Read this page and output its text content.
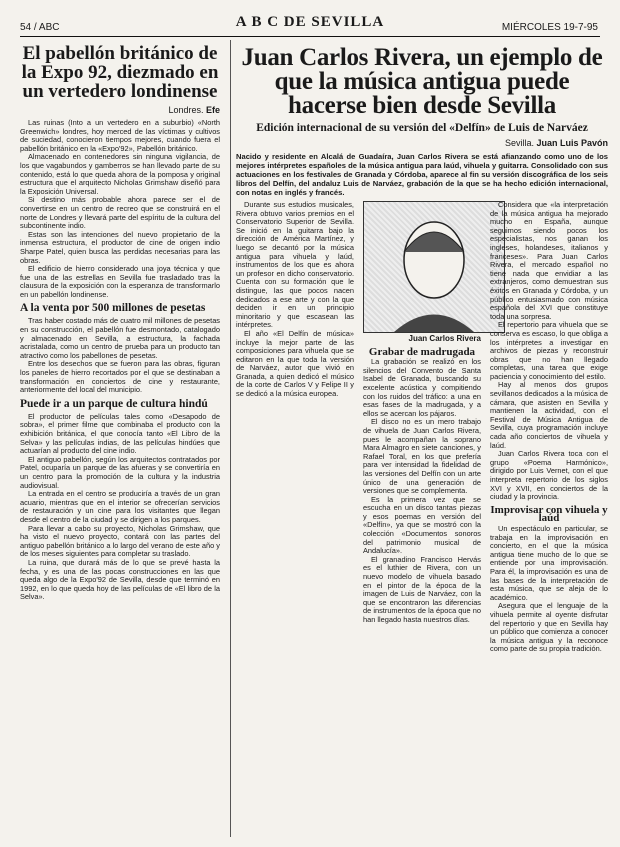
54 / ABC	A B C DE SEVILLA	MIÉRCOLES 19-7-95
El pabellón británico de la Expo 92, diezmado en un vertedero londinense
Londres. Efe

Las ruinas (Into a un vertedero en a suburbio) «North Greenwich» londres, hoy merced de las víctimas y cultivos de suciedad, conocieron tiempos mejores, cuando fuera el pabellón británico en la «Expo'92», Pabellón británico.

Almacenado en contenedores sin ninguna vigilancia, de los que vagabundos y gamberros se han llevado parte de su contenido, está lo que queda ahora de la pomposa y original estructura que el arquitecto Nicholas Grimshaw diseñó para la Exposición Universal.

Si destino más probable ahora parece ser el de convertirse en un centro de recreo que se construirá en el norte de Londres y llevará parte del espíritu de la cultura del subcontinente indio.

Estas son las intenciones del nuevo propietario de la inmensa estructura, el productor de cine de origen indio Sharpe Patel, quien busca las perdidas necesarias para las obras.

El edificio de hierro considerado una joya técnica y que fue una de las estrellas en Sevilla fue trasladado tras la clausura de la exposición con la esperanza de transformarlo en un pabellón londinense.

A la venta por 500 millones de pesetas

Tras haber costado más de cuatro mil millones de pesetas en su construcción, el pabellón fue desmontado, catalogado y almacenado en Sevilla, a estructura, la fachada acristalada, como un centro de prueba para un producto tan atractivo como los pabellones de pesetas.

Entre los desechos que se fueron para las obras, figuran los paneles de hierro recortados por el que se destinaban a transformación en conciertos de cine y restaurante, anteriormente del local del municipio.

Puede ir a un parque de cultura hindú

El productor de películas tales como «Desapodo de sobra», el primer filme que combinaba el producto con la exhibición británica, el que conocía tanto «El Libro de la Selva» y las películas indias, de las películas hindúes que actuarían al producto del cine indio.

El antiguo pabellón, según los arquitectos contratados por Patel, ocuparía un parque de las afueras y se convertiría en un centro para la promoción de la cultura y la industria audiovisual.

La entrada en el centro se produciría a través de un gran acuario, mientras que en el interior se ofrecerían servicios de restauración y un cine para los visitantes que llegan desde el centro de la ciudad y se dirigen a los parques.

Para llevar a cabo su proyecto, Nicholas Grimshaw, que ha visto el nuevo proyecto, contará con las partes del antiguo pabellón británico a lo largo del verano de este año y de los meses siguientes para completar su traslado.

La ruina, que durará más de lo que se prevé hasta la fecha, y es una de las pocas construcciones en las que queda algo de la Expo'92 de Sevilla, desde que terminó en 1992, en lo que queda hoy de las películas de «El libro de la Selva».

Juan Carlos Rivera, un ejemplo de que la música antigua puede hacerse bien desde Sevilla
Edición internacional de su versión del «Delfín» de Luis de Narváez
Sevilla. Juan Luis Pavón
Nacido y residente en Alcalá de Guadaíra, Juan Carlos Rivera se está afianzando como uno de los mejores intérpretes españoles de la música antigua para laúd, vihuela y guitarra. Consolidado con sus actuaciones en los festivales de Granada y Córdoba, aparece al fin su versión discográfica de los seis libros del Delfín, del andaluz Luis de Narváez, grabación de la que se ha hecho edición internacional, con notas en inglés y francés.

Durante sus estudios musicales, Rivera obtuvo varios premios en el Conservatorio Superior de Sevilla. Se inició en la guitarra bajo la dirección de América Martínez, y luego se decantó por la música antigua para vihuela y laúd, instrumentos de los que es ahora un profesor en dicho conservatorio. Cuenta con su formación que le distingue, las que pocos nacen dedicados a ese arte y con la que deciden ir en un principio minoritario y que escasean las intérpretes.

El año «El Delfín de música» incluye la mejor parte de las composiciones para vihuela que se editaron en la que toda la versión de Narváez, autor que vivió en Granada, a quien dedicó el músico de la corte de Carlos V y Felipe II y se dedicó a la música europea.

Juan Carlos Rivera
Grabar de madrugada

La grabación se realizó en los silencios del Convento de Santa Isabel de Granada, buscando su excelente acústica y compitiendo con los ruidos del tráfico: a una en esas fases de la madrugada, y a ellos se acercan los pájaros.

El disco no es un mero trabajo de vihuela de Juan Carlos Rivera, pues le acompañan la soprano Mara Almagro en siete canciones, y Rafael Toral, en los que prefería para ver intensidad la fidelidad de las versiones del Delfín con un arte único de una generación de versiones que se complementa.

Es la primera vez que se escucha en un disco tantas piezas y esos poemas en versión del «Delfín», ya que se mostró con la colección «Documentos sonoros del patrimonio musical de Andalucía».

El granadino Francisco Hervás es el luthier de Rivera, con un nuevo modelo de vihuela basado en el pintor de la época de la imagen de Luis de Narváez, con la que se encontraron las diferencias de instrumentos de la época que no han llegado hasta nuestros días.

Considera que «la interpretación de la música antigua ha mejorado mucho en España, aunque seguimos siendo pocos los especialistas, nos ganan los ingleses, holandeses, italianos y franceses». Para Juan Carlos Rivera, el mercado español no tiene nada que envidiar a las extranjeros, como demuestran sus éxitos en Granada y Córdoba, y un público entusiasmado con música española del XVI que constituye toda una sorpresa.

El repertorio para vihuela que se conserva es escaso, lo que obliga a los intérpretes a investigar en archivos de piezas y reconstruir obras que no han llegado completas, una tarea que exige paciencia y conocimiento del estilo.

Hay al menos dos grupos sevillanos dedicados a la música de cámara, que asisten en Sevilla y mantienen la actividad, con el Festival de Música Antigua de Sevilla, cuya programación incluye cada año conciertos de vihuela y laúd.

Juan Carlos Rivera toca con el grupo «Poema Harmónico», dirigido por Luis Vernet, con el que interpreta repertorio de los siglos XVI y XVII, en conciertos de la ciudad y la provincia.

Improvisar con vihuela y laúd

Un espectáculo en particular, se trabaja en la improvisación en concierto, en el que la música antigua tiene mucho de lo que se entiende por una improvisación. Para él, la improvisación es una de las bases de la interpretación de esta música, que se aleja de lo académico.

Asegura que el lenguaje de la vihuela permite al oyente disfrutar del repertorio y que en Sevilla hay un público que comienza a conocer la música antigua y la reconoce como parte de su propia tradición.
